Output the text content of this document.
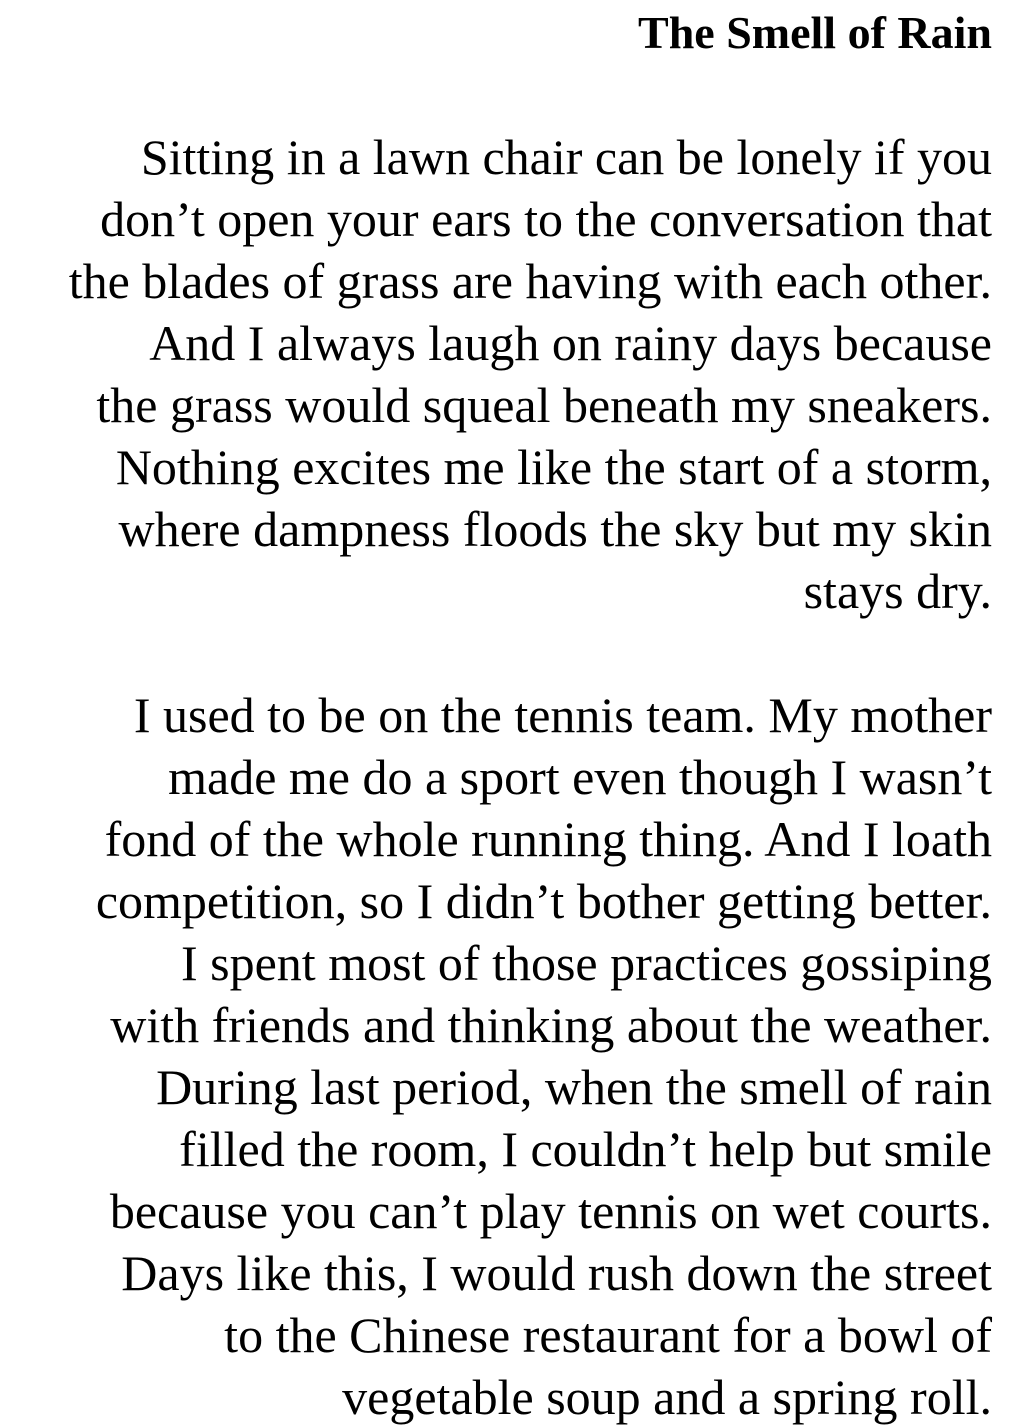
The Smell of Rain
Sitting in a lawn chair can be lonely if you
don’t open your ears to the conversation that
the blades of grass are having with each other.
And I always laugh on rainy days because
the grass would squeal beneath my sneakers.
Nothing excites me like the start of a storm,
where dampness floods the sky but my skin
stays dry.
I used to be on the tennis team. My mother
made me do a sport even though I wasn’t
fond of the whole running thing. And I loath
competition, so I didn’t bother getting better.
I spent most of those practices gossiping
with friends and thinking about the weather.
During last period, when the smell of rain
filled the room, I couldn’t help but smile
because you can’t play tennis on wet courts.
Days like this, I would rush down the street
to the Chinese restaurant for a bowl of
vegetable soup and a spring roll.
